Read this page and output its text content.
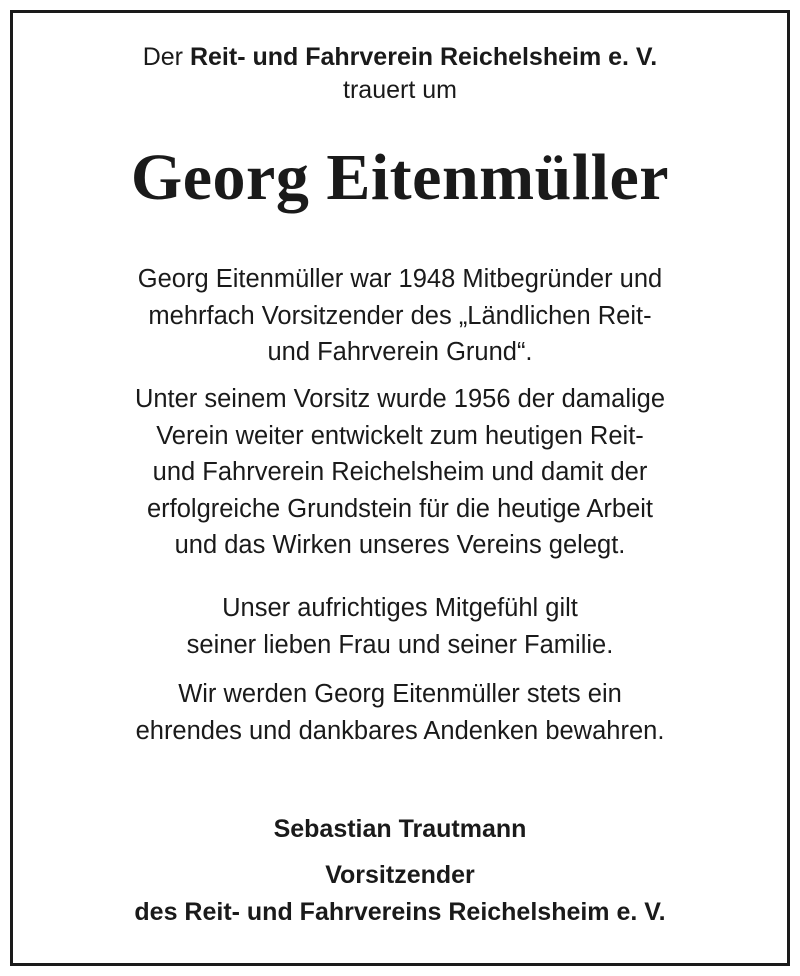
Der Reit- und Fahrverein Reichelsheim e. V.

trauert um

Georg Eitenmüller

Georg Eitenmüller war 1948 Mitbegründer und
mehrfach Vorsitzender des „Ländlichen Reit-
und Fahrverein Grund“.

Unter seinem Vorsitz wurde 1956 der damalige
Verein weiter entwickelt zum heutigen Reit-
und Fahrverein Reichelsheim und damit der
erfolgreiche Grundstein für die heutige Arbeit
und das Wirken unseres Vereins gelegt.

Unser aufrichtiges Mitgefühl gilt
seiner lieben Frau und seiner Familie.

Wir werden Georg Eitenmüller stets ein
ehrendes und dankbares Andenken bewahren.

Sebastian Trautmann

Vorsitzender

des Reit- und Fahrvereins Reichelsheim e. V.
